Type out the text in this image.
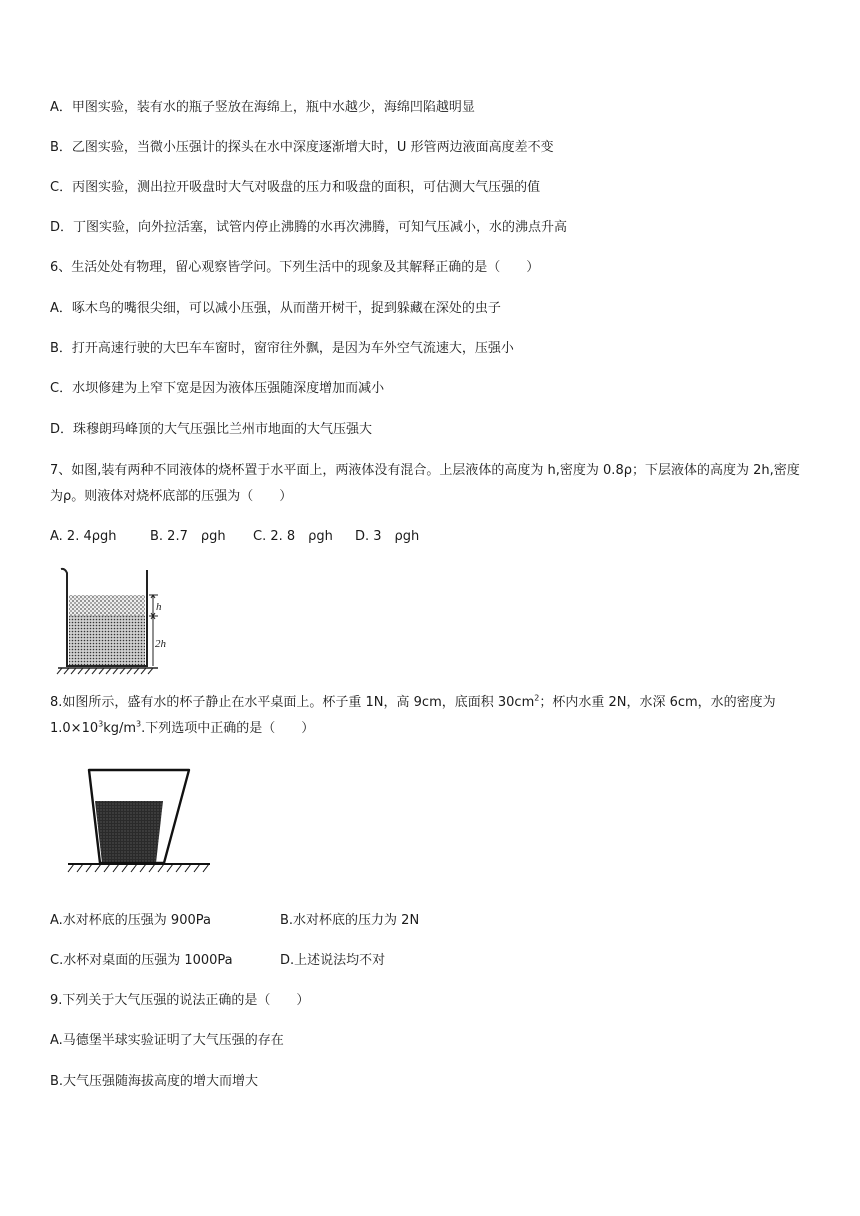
A．甲图实验，装有水的瓶子竖放在海绵上，瓶中水越少，海绵凹陷越明显
B．乙图实验，当微小压强计的探头在水中深度逐渐增大时，U 形管两边液面高度差不变
C．丙图实验，测出拉开吸盘时大气对吸盘的压力和吸盘的面积，可估测大气压强的值
D．丁图实验，向外拉活塞，试管内停止沸腾的水再次沸腾，可知气压减小，水的沸点升高
6、生活处处有物理，留心观察皆学问。下列生活中的现象及其解释正确的是（　　）
A．啄木鸟的嘴很尖细，可以减小压强，从而凿开树干，捉到躲藏在深处的虫子
B．打开高速行驶的大巴车车窗时，窗帘往外飘，是因为车外空气流速大，压强小
C．水坝修建为上窄下宽是因为液体压强随深度增加而减小
D．珠穆朗玛峰顶的大气压强比兰州市地面的大气压强大
7、如图,装有两种不同液体的烧杯置于水平面上，两液体没有混合。上层液体的高度为 h,密度为 0.8ρ；下层液体的高度为 2h,密度为ρ。则液体对烧杯底部的压强为（　　）
A. 2. 4ρgh	B. 2.7　ρgh C. 2. 8　ρgh D. 3　ρgh
h
2h
8.如图所示，盛有水的杯子静止在水平桌面上。杯子重 1N，高 9cm，底面积 $30cm^2$；杯内水重 2N，水深 6cm，水的密度为 $1.0\times 10^3kg/m^3$.下列选项中正确的是（　　）
A.水对杯底的压强为 900Pa	B.水对杯底的压力为 2N
C.水杯对桌面的压强为 1000Pa	D.上述说法均不对
9.下列关于大气压强的说法正确的是（　　）
A.马德堡半球实验证明了大气压强的存在
B.大气压强随海拔高度的增大而增大
